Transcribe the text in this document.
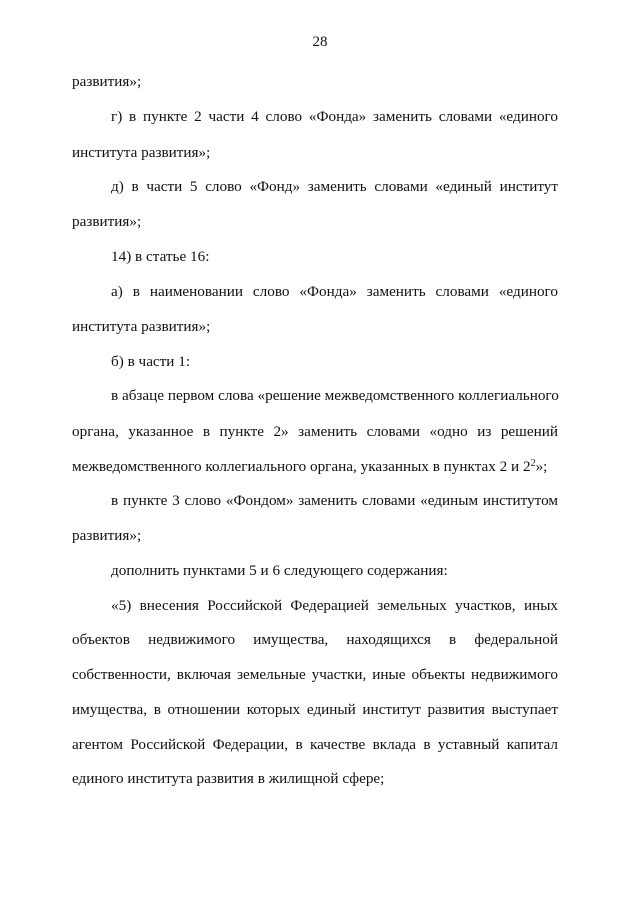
28
развития»;
г) в пункте 2 части 4 слово «Фонда» заменить словами «единого
института развития»;
д) в части 5 слово «Фонд» заменить словами «единый институт
развития»;
14) в статье 16:
а) в наименовании слово «Фонда» заменить словами «единого
института развития»;
б) в части 1:
в абзаце первом слова «решение межведомственного коллегиального
органа, указанное в пункте 2» заменить словами «одно из решений
межведомственного коллегиального органа, указанных в пунктах 2 и $2^2$»;
в пункте 3 слово «Фондом» заменить словами «единым институтом
развития»;
дополнить пунктами 5 и 6 следующего содержания:
«5) внесения Российской Федерацией земельных участков, иных
объектов недвижимого имущества, находящихся в федеральной
собственности, включая земельные участки, иные объекты недвижимого
имущества, в отношении которых единый институт развития выступает
агентом Российской Федерации, в качестве вклада в уставный капитал
единого института развития в жилищной сфере;
